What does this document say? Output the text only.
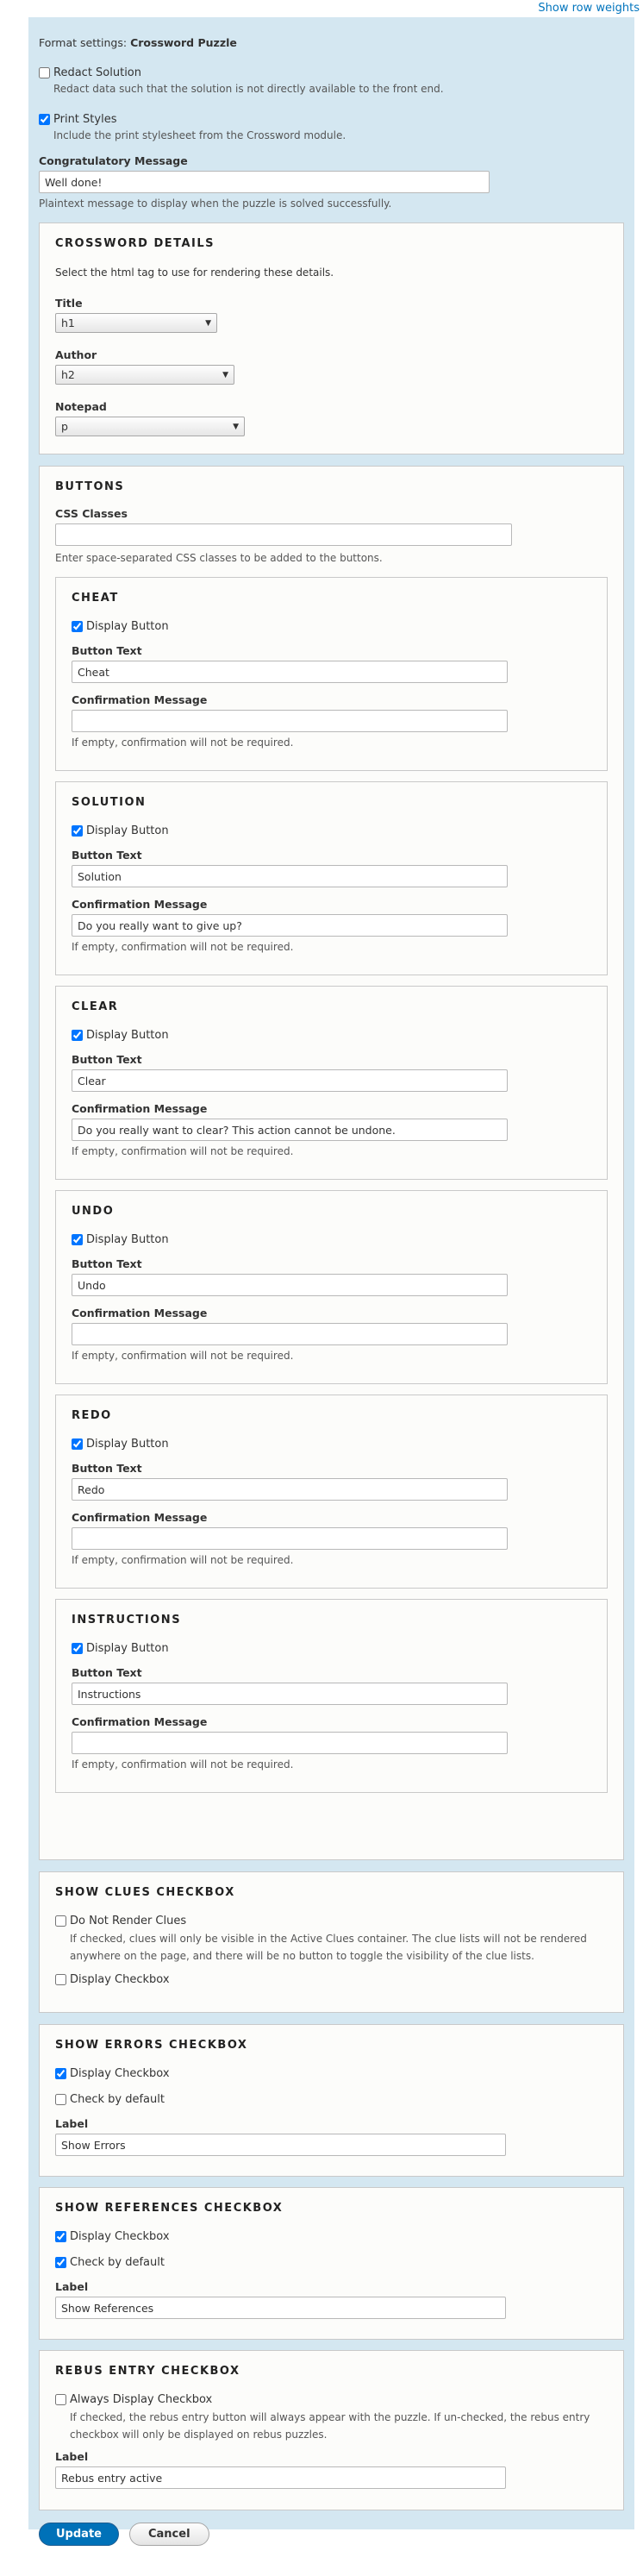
Show row weights
Format settings: Crossword Puzzle
Redact Solution
Redact data such that the solution is not directly available to the front end.
Print Styles
Include the print stylesheet from the Crossword module.
Congratulatory Message
Well done!
Plaintext message to display when the puzzle is solved successfully.
CROSSWORD DETAILS
Select the html tag to use for rendering these details.
Title
h1	▼
Author
h2	▼
Notepad
p	▼
BUTTONS
CSS Classes
Enter space-separated CSS classes to be added to the buttons.
CHEAT
Display Button
Button Text
Cheat
Confirmation Message
If empty, confirmation will not be required.
SOLUTION
Display Button
Button Text
Solution
Confirmation Message
Do you really want to give up?
If empty, confirmation will not be required.
CLEAR
Display Button
Button Text
Clear
Confirmation Message
Do you really want to clear? This action cannot be undone.
If empty, confirmation will not be required.
UNDO
Display Button
Button Text
Undo
Confirmation Message
If empty, confirmation will not be required.
REDO
Display Button
Button Text
Redo
Confirmation Message
If empty, confirmation will not be required.
INSTRUCTIONS
Display Button
Button Text
Instructions
Confirmation Message
If empty, confirmation will not be required.
SHOW CLUES CHECKBOX
Do Not Render Clues
If checked, clues will only be visible in the Active Clues container. The clue lists will not be rendered anywhere on the page, and there will be no button to toggle the visibility of the clue lists.
Display Checkbox
SHOW ERRORS CHECKBOX
Display Checkbox
Check by default
Label
Show Errors
SHOW REFERENCES CHECKBOX
Display Checkbox
Check by default
Label
Show References
REBUS ENTRY CHECKBOX
Always Display Checkbox
If checked, the rebus entry button will always appear with the puzzle. If un-checked, the rebus entry checkbox will only be displayed on rebus puzzles.
Label
Rebus entry active
Update	Cancel
